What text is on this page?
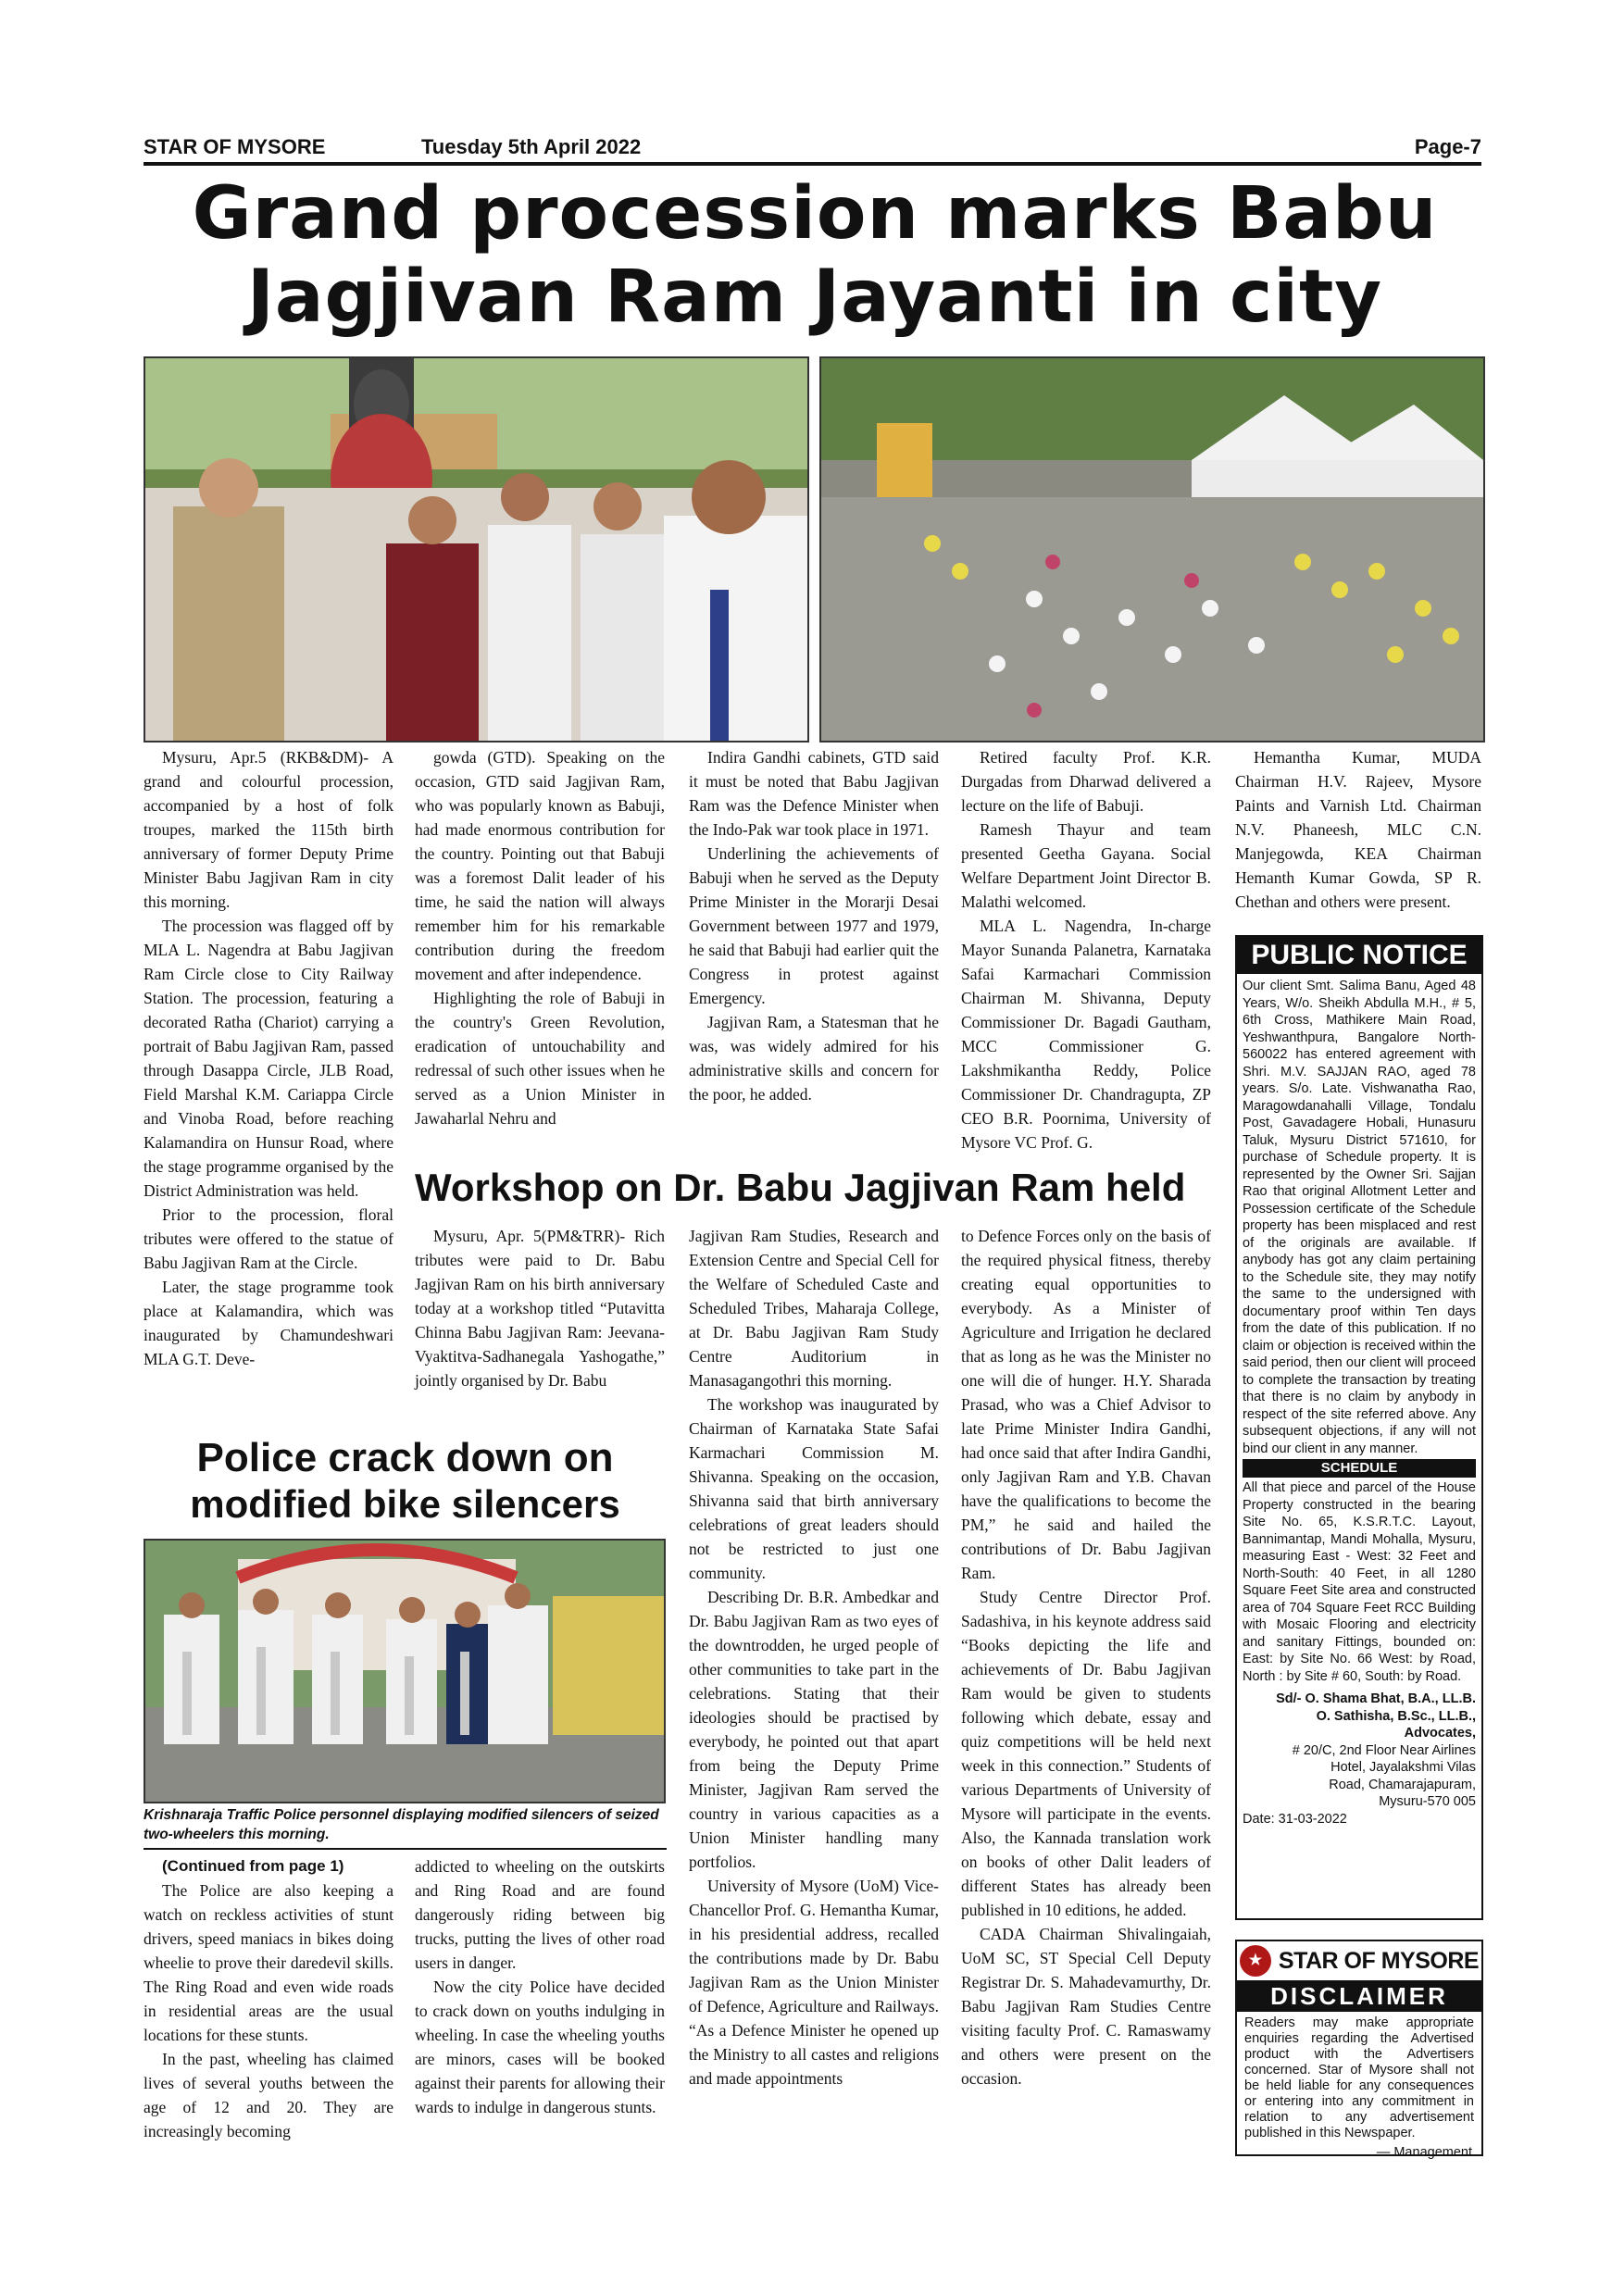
STAR OF MYSORE	Tuesday 5th April 2022	Page-7
Grand procession marks Babu Jagjivan Ram Jayanti in city

Mysuru, Apr.5 (RKB&DM)- A grand and colourful procession, accompanied by a host of folk troupes, marked the 115th birth anniversary of former Deputy Prime Minister Babu Jagjivan Ram in city this morning.

The procession was flagged off by MLA L. Nagendra at Babu Jagjivan Ram Circle close to City Railway Station. The procession, featuring a decorated Ratha (Chariot) carrying a portrait of Babu Jagjivan Ram, passed through Dasappa Circle, JLB Road, Field Marshal K.M. Cariappa Circle and Vinoba Road, before reaching Kalamandira on Hunsur Road, where the stage programme organised by the District Administration was held.

Prior to the procession, floral tributes were offered to the statue of Babu Jagjivan Ram at the Circle.

Later, the stage programme took place at Kalamandira, which was inaugurated by Chamundeshwari MLA G.T. Deve-

gowda (GTD). Speaking on the occasion, GTD said Jagjivan Ram, who was popularly known as Babuji, had made enormous contribution for the country. Pointing out that Babuji was a foremost Dalit leader of his time, he said the nation will always remember him for his remarkable contribution during the freedom movement and after independence.

Highlighting the role of Babuji in the country's Green Revolution, eradication of untouchability and redressal of such other issues when he served as a Union Minister in Jawaharlal Nehru and

Indira Gandhi cabinets, GTD said it must be noted that Babu Jagjivan Ram was the Defence Minister when the Indo-Pak war took place in 1971.

Underlining the achievements of Babuji when he served as the Deputy Prime Minister in the Morarji Desai Government between 1977 and 1979, he said that Babuji had earlier quit the Congress in protest against Emergency.

Jagjivan Ram, a Statesman that he was, was widely admired for his administrative skills and concern for the poor, he added.

Retired faculty Prof. K.R. Durgadas from Dharwad delivered a lecture on the life of Babuji.

Ramesh Thayur and team presented Geetha Gayana. Social Welfare Department Joint Director B. Malathi welcomed.

MLA L. Nagendra, In-charge Mayor Sunanda Palanetra, Karnataka Safai Karmachari Commission Chairman M. Shivanna, Deputy Commissioner Dr. Bagadi Gautham, MCC Commissioner G. Lakshmikantha Reddy, Police Commissioner Dr. Chandragupta, ZP CEO B.R. Poornima, University of Mysore VC Prof. G.

Hemantha Kumar, MUDA Chairman H.V. Rajeev, Mysore Paints and Varnish Ltd. Chairman N.V. Phaneesh, MLC C.N. Manjegowda, KEA Chairman Hemanth Kumar Gowda, SP R. Chethan and others were present.

Workshop on Dr. Babu Jagjivan Ram held

Mysuru, Apr. 5(PM&TRR)- Rich tributes were paid to Dr. Babu Jagjivan Ram on his birth anniversary today at a workshop titled “Putavitta Chinna Babu Jagjivan Ram: Jeevana-Vyaktitva-Sadhanegala Yashogathe,” jointly organised by Dr. Babu

Jagjivan Ram Studies, Research and Extension Centre and Special Cell for the Welfare of Scheduled Caste and Scheduled Tribes, Maharaja College, at Dr. Babu Jagjivan Ram Study Centre Auditorium in Manasagangothri this morning.

The workshop was inaugurated by Chairman of Karnataka State Safai Karmachari Commission M. Shivanna. Speaking on the occasion, Shivanna said that birth anniversary celebrations of great leaders should not be restricted to just one community.

Describing Dr. B.R. Ambedkar and Dr. Babu Jagjivan Ram as two eyes of the downtrodden, he urged people of other communities to take part in the celebrations. Stating that their ideologies should be practised by everybody, he pointed out that apart from being the Deputy Prime Minister, Jagjivan Ram served the country in various capacities as a Union Minister handling many portfolios.

University of Mysore (UoM) Vice-Chancellor Prof. G. Hemantha Kumar, in his presidential address, recalled the contributions made by Dr. Babu Jagjivan Ram as the Union Minister of Defence, Agriculture and Railways. “As a Defence Minister he opened up the Ministry to all castes and religions and made appointments

to Defence Forces only on the basis of the required physical fitness, thereby creating equal opportunities to everybody. As a Minister of Agriculture and Irrigation he declared that as long as he was the Minister no one will die of hunger. H.Y. Sharada Prasad, who was a Chief Advisor to late Prime Minister Indira Gandhi, had once said that after Indira Gandhi, only Jagjivan Ram and Y.B. Chavan have the qualifications to become the PM,” he said and hailed the contributions of Dr. Babu Jagjivan Ram.

Study Centre Director Prof. Sadashiva, in his keynote address said “Books depicting the life and achievements of Dr. Babu Jagjivan Ram would be given to students following which debate, essay and quiz competitions will be held next week in this connection.” Students of various Departments of University of Mysore will participate in the events. Also, the Kannada translation work on books of other Dalit leaders of different States has already been published in 10 editions, he added.

CADA Chairman Shivalingaiah, UoM SC, ST Special Cell Deputy Registrar Dr. S. Mahadevamurthy, Dr. Babu Jagjivan Ram Studies Centre visiting faculty Prof. C. Ramaswamy and others were present on the occasion.

Police crack down on
modified bike silencers
Krishnaraja Traffic Police personnel displaying modified silencers of seized two-wheelers this morning.

(Continued from page 1)

The Police are also keeping a watch on reckless activities of stunt drivers, speed maniacs in bikes doing wheelie to prove their daredevil skills. The Ring Road and even wide roads in residential areas are the usual locations for these stunts.

In the past, wheeling has claimed lives of several youths between the age of 12 and 20. They are increasingly becoming

addicted to wheeling on the outskirts and Ring Road and are found dangerously riding between big trucks, putting the lives of other road users in danger.

Now the city Police have decided to crack down on youths indulging in wheeling. In case the wheeling youths are minors, cases will be booked against their parents for allowing their wards to indulge in dangerous stunts.

PUBLIC NOTICE

Our client Smt. Salima Banu, Aged 48 Years, W/o. Sheikh Abdulla M.H., # 5, 6th Cross, Mathikere Main Road, Yeshwanthpura, Bangalore North-560022 has entered agreement with Shri. M.V. SAJJAN RAO, aged 78 years. S/o. Late. Vishwanatha Rao, Maragowdanahalli Village, Tondalu Post, Gavadagere Hobali, Hunasuru Taluk, Mysuru District 571610, for purchase of Schedule property. It is represented by the Owner Sri. Sajjan Rao that original Allotment Letter and Possession certificate of the Schedule property has been misplaced and rest of the originals are available. If anybody has got any claim pertaining to the Schedule site, they may notify the same to the undersigned with documentary proof within Ten days from the date of this publication. If no claim or objection is received within the said period, then our client will proceed to complete the transaction by treating that there is no claim by anybody in respect of the site referred above. Any subsequent objections, if any will not bind our client in any manner.

SCHEDULE

All that piece and parcel of the House Property constructed in the bearing Site No. 65, K.S.R.T.C. Layout, Bannimantap, Mandi Mohalla, Mysuru, measuring East - West: 32 Feet and North-South: 40 Feet, in all 1280 Square Feet Site area and constructed area of 704 Square Feet RCC Building with Mosaic Flooring and electricity and sanitary Fittings, bounded on: East: by Site No. 66 West: by Road, North : by Site # 60, South: by Road.

Sd/- O. Shama Bhat, B.A., LL.B.

O. Sathisha, B.Sc., LL.B., Advocates,

# 20/C, 2nd Floor Near Airlines

Hotel, Jayalakshmi Vilas

Road, Chamarajapuram,

Mysuru-570 005

Date: 31-03-2022

★ STAR OF MYSORE
DISCLAIMER
Readers may make appropriate enquiries regarding the Advertised product with the Advertisers concerned. Star of Mysore shall not be held liable for any consequences or entering into any commitment in relation to any advertisement published in this Newspaper.
— Management
